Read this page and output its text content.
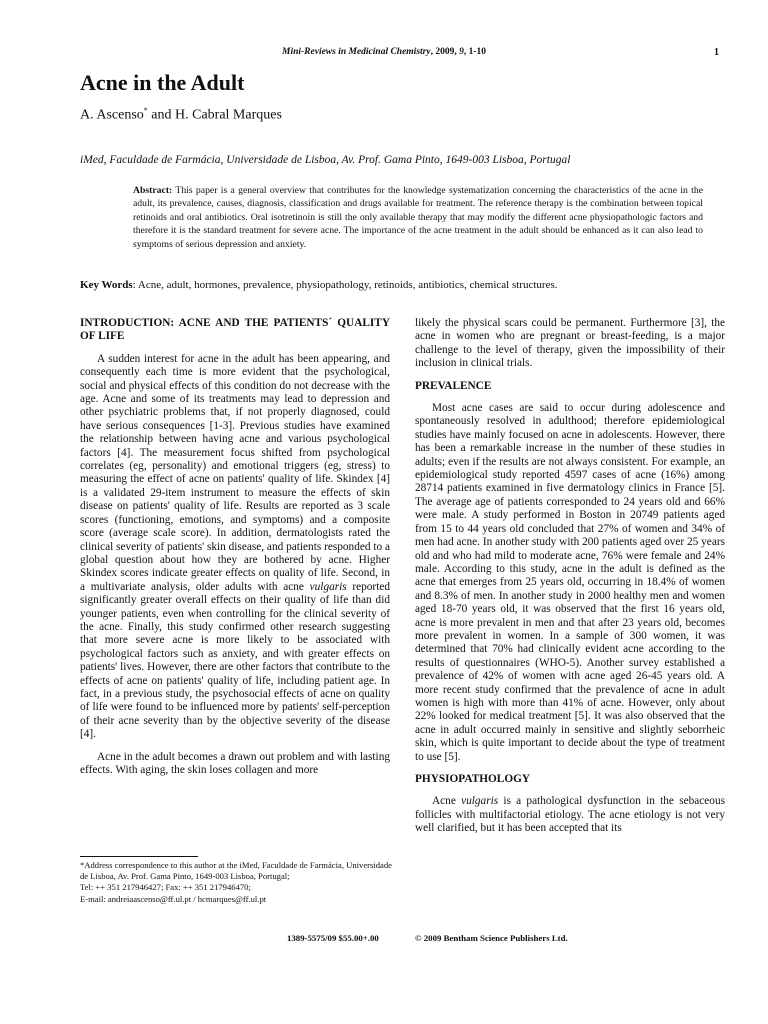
Mini-Reviews in Medicinal Chemistry, 2009, 9, 1-10	1
Acne in the Adult
A. Ascenso* and H. Cabral Marques
iMed, Faculdade de Farmácia, Universidade de Lisboa, Av. Prof. Gama Pinto, 1649-003 Lisboa, Portugal
Abstract: This paper is a general overview that contributes for the knowledge systematization concerning the characteristics of the acne in the adult, its prevalence, causes, diagnosis, classification and drugs available for treatment. The reference therapy is the combination between topical retinoids and oral antibiotics. Oral isotretinoin is still the only available therapy that may modify the different acne physiopathologic factors and therefore it is the standard treatment for severe acne. The importance of the acne treatment in the adult should be enhanced as it can also lead to symptoms of serious depression and anxiety.
Key Words: Acne, adult, hormones, prevalence, physiopathology, retinoids, antibiotics, chemical structures.
INTRODUCTION: ACNE AND THE PATIENTS´ QUALITY OF LIFE

A sudden interest for acne in the adult has been appearing, and consequently each time is more evident that the psychological, social and physical effects of this condition do not decrease with the age. Acne and some of its treatments may lead to depression and other psychiatric problems that, if not properly diagnosed, could have serious consequences [1-3]. Previous studies have examined the relationship between having acne and various psychological factors [4]. The measurement focus shifted from psychological correlates (eg, personality) and emotional triggers (eg, stress) to measuring the effect of acne on patients' quality of life. Skindex [4] is a validated 29-item instrument to measure the effects of skin disease on patients' quality of life. Results are reported as 3 scale scores (functioning, emotions, and symptoms) and a composite score (average scale score). In addition, dermatologists rated the clinical severity of patients' skin disease, and patients responded to a global question about how they are bothered by acne. Higher Skindex scores indicate greater effects on quality of life. Second, in a multivariate analysis, older adults with acne vulgaris reported significantly greater overall effects on their quality of life than did younger patients, even when controlling for the clinical severity of the acne. Finally, this study confirmed other research suggesting that more severe acne is more likely to be associated with psychological factors such as anxiety, and with greater effects on patients' lives. However, there are other factors that contribute to the effects of acne on patients' quality of life, including patient age. In fact, in a previous study, the psychosocial effects of acne on quality of life were found to be influenced more by patients' self-perception of their acne severity than by the objective severity of the disease [4].

Acne in the adult becomes a drawn out problem and with lasting effects. With aging, the skin loses collagen and more

likely the physical scars could be permanent. Furthermore [3], the acne in women who are pregnant or breast-feeding, is a major challenge to the level of therapy, given the impossibility of their inclusion in clinical trials.

PREVALENCE

Most acne cases are said to occur during adolescence and spontaneously resolved in adulthood; therefore epidemiological studies have mainly focused on acne in adolescents. However, there has been a remarkable increase in the number of these studies in adults; even if the results are not always consistent. For example, an epidemiological study reported 4597 cases of acne (16%) among 28714 patients examined in five dermatology clinics in France [5]. The average age of patients corresponded to 24 years old and 66% were male. A study performed in Boston in 20749 patients aged from 15 to 44 years old concluded that 27% of women and 34% of men had acne. In another study with 200 patients aged over 25 years old and who had mild to moderate acne, 76% were female and 24% male. According to this study, acne in the adult is defined as the acne that emerges from 25 years old, occurring in 18.4% of women and 8.3% of men. In another study in 2000 healthy men and women aged 18-70 years old, it was observed that the first 16 years old, acne is more prevalent in men and that after 23 years old, becomes more prevalent in women. In a sample of 300 women, it was determined that 70% had clinically evident acne according to the results of questionnaires (WHO-5). Another survey established a prevalence of 42% of women with acne aged 26-45 years old. A more recent study confirmed that the prevalence of acne in adult women is high with more than 41% of acne. However, only about 22% looked for medical treatment [5]. It was also observed that the acne in adult occurred mainly in sensitive and slightly seborrheic skin, which is quite important to decide about the type of treatment to use [5].

PHYSIOPATHOLOGY

Acne vulgaris is a pathological dysfunction in the sebaceous follicles with multifactorial etiology. The acne etiology is not very well clarified, but it has been accepted that its

*Address correspondence to this author at the iMed, Faculdade de Farmácia, Universidade de Lisboa, Av. Prof. Gama Pinto, 1649-003 Lisboa, Portugal;
Tel: ++ 351 217946427; Fax: ++ 351 217946470;
E-mail: andreiaascenso@ff.ul.pt / hcmarques@ff.ul.pt
1389-5575/09 $55.00+.00	© 2009 Bentham Science Publishers Ltd.
